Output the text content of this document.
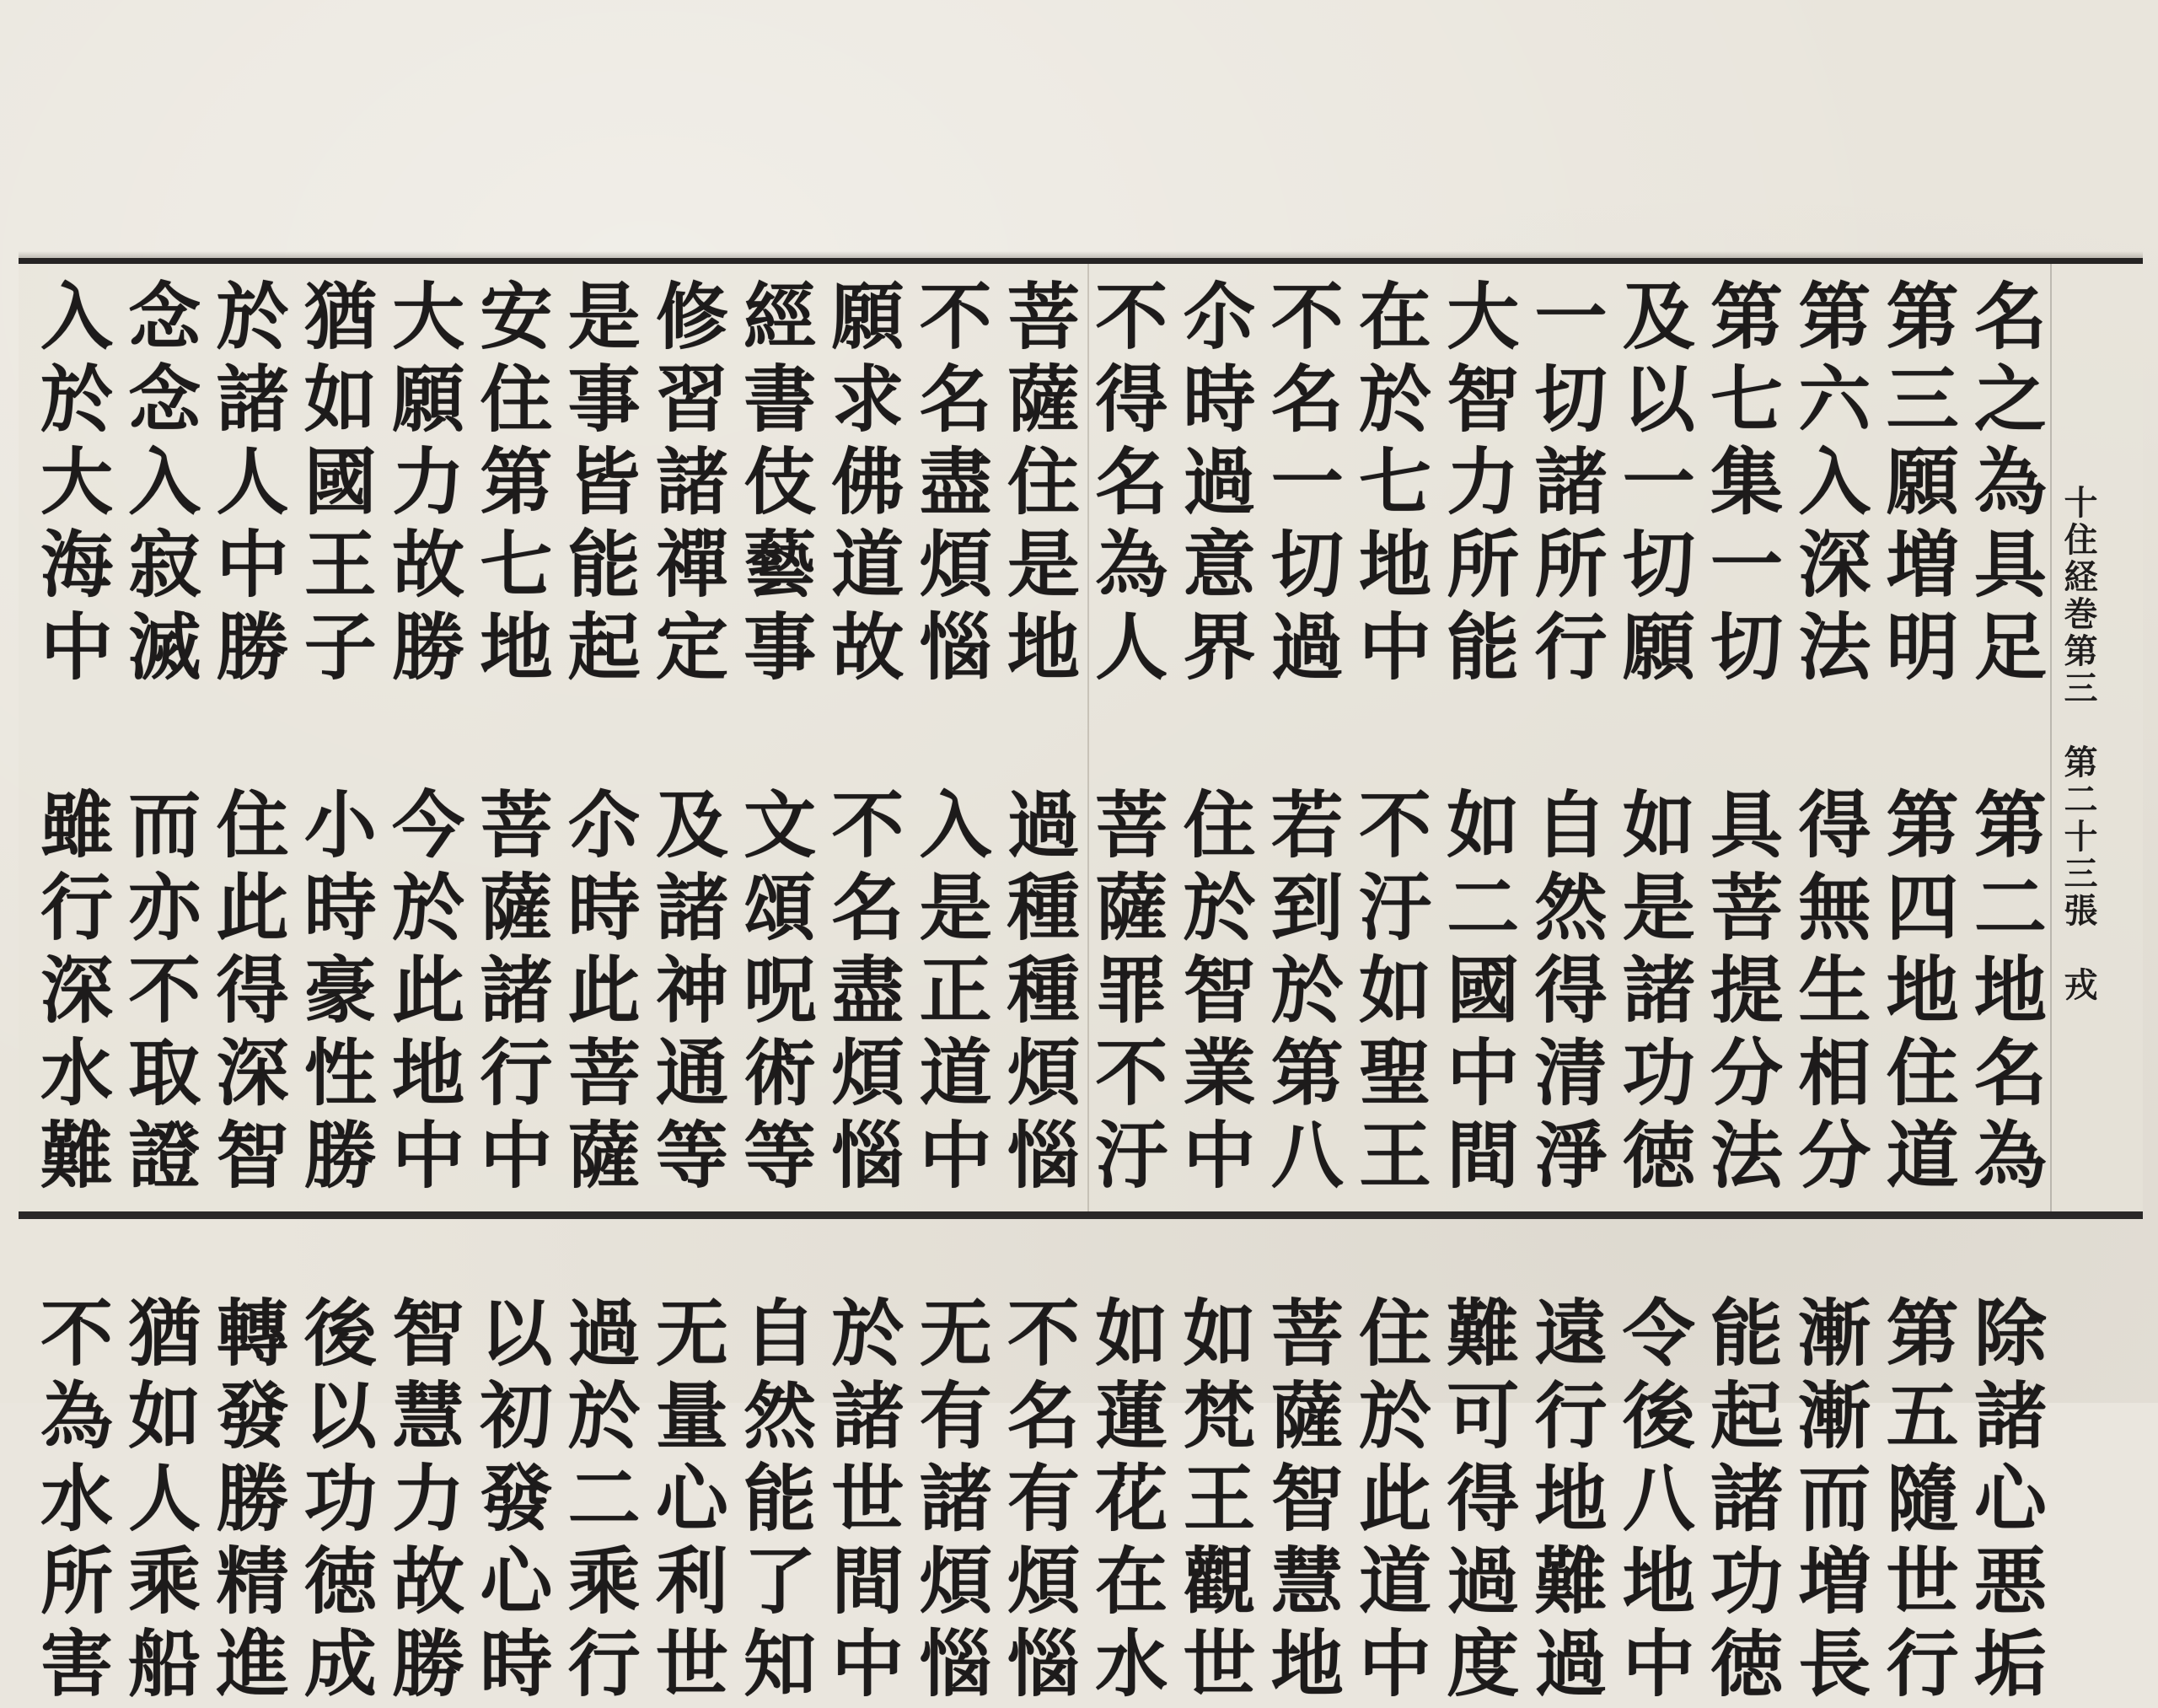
十住経巻第三　第二十三張　戎
名之為具足 第二地名為 除諸心悪垢
第三願増明 第四地住道 第五隨世行
第六入深法 得無生相分 漸漸而増長
第七集一切 具菩提分法 能起諸功徳
及以一切願 如是諸功徳 令後八地中
一切諸所行 自然得清淨 遠行地難過
大智力所能 如二國中間 難可得過度
在於七地中 不汙如聖王 住於此道中
不名一切過 若到於第八 菩薩智慧地
尒時過意界 住於智業中 如梵王觀世
不得名為人 菩薩罪不汙 如蓮花在水
菩薩住是地 過種種煩惱 不名有煩惱
不名盡煩惱 入是正道中 无有諸煩惱
願求佛道故 不名盡煩惱 於諸世間中
經書伎藝事 文頌呪術等 自然能了知
修習諸禪定 及諸神通等 无量心利世
是事皆能起 尒時此菩薩 過於二乘行
安住第七地 菩薩諸行中 以初發心時
大願力故勝 今於此地中 智慧力故勝
猶如國王子 小時豪性勝 後以功徳成
於諸人中勝 住此得深智 轉發勝精進
念念入寂滅 而亦不取證 猶如人乘船
入於大海中 雖行深水難 不為水所害
